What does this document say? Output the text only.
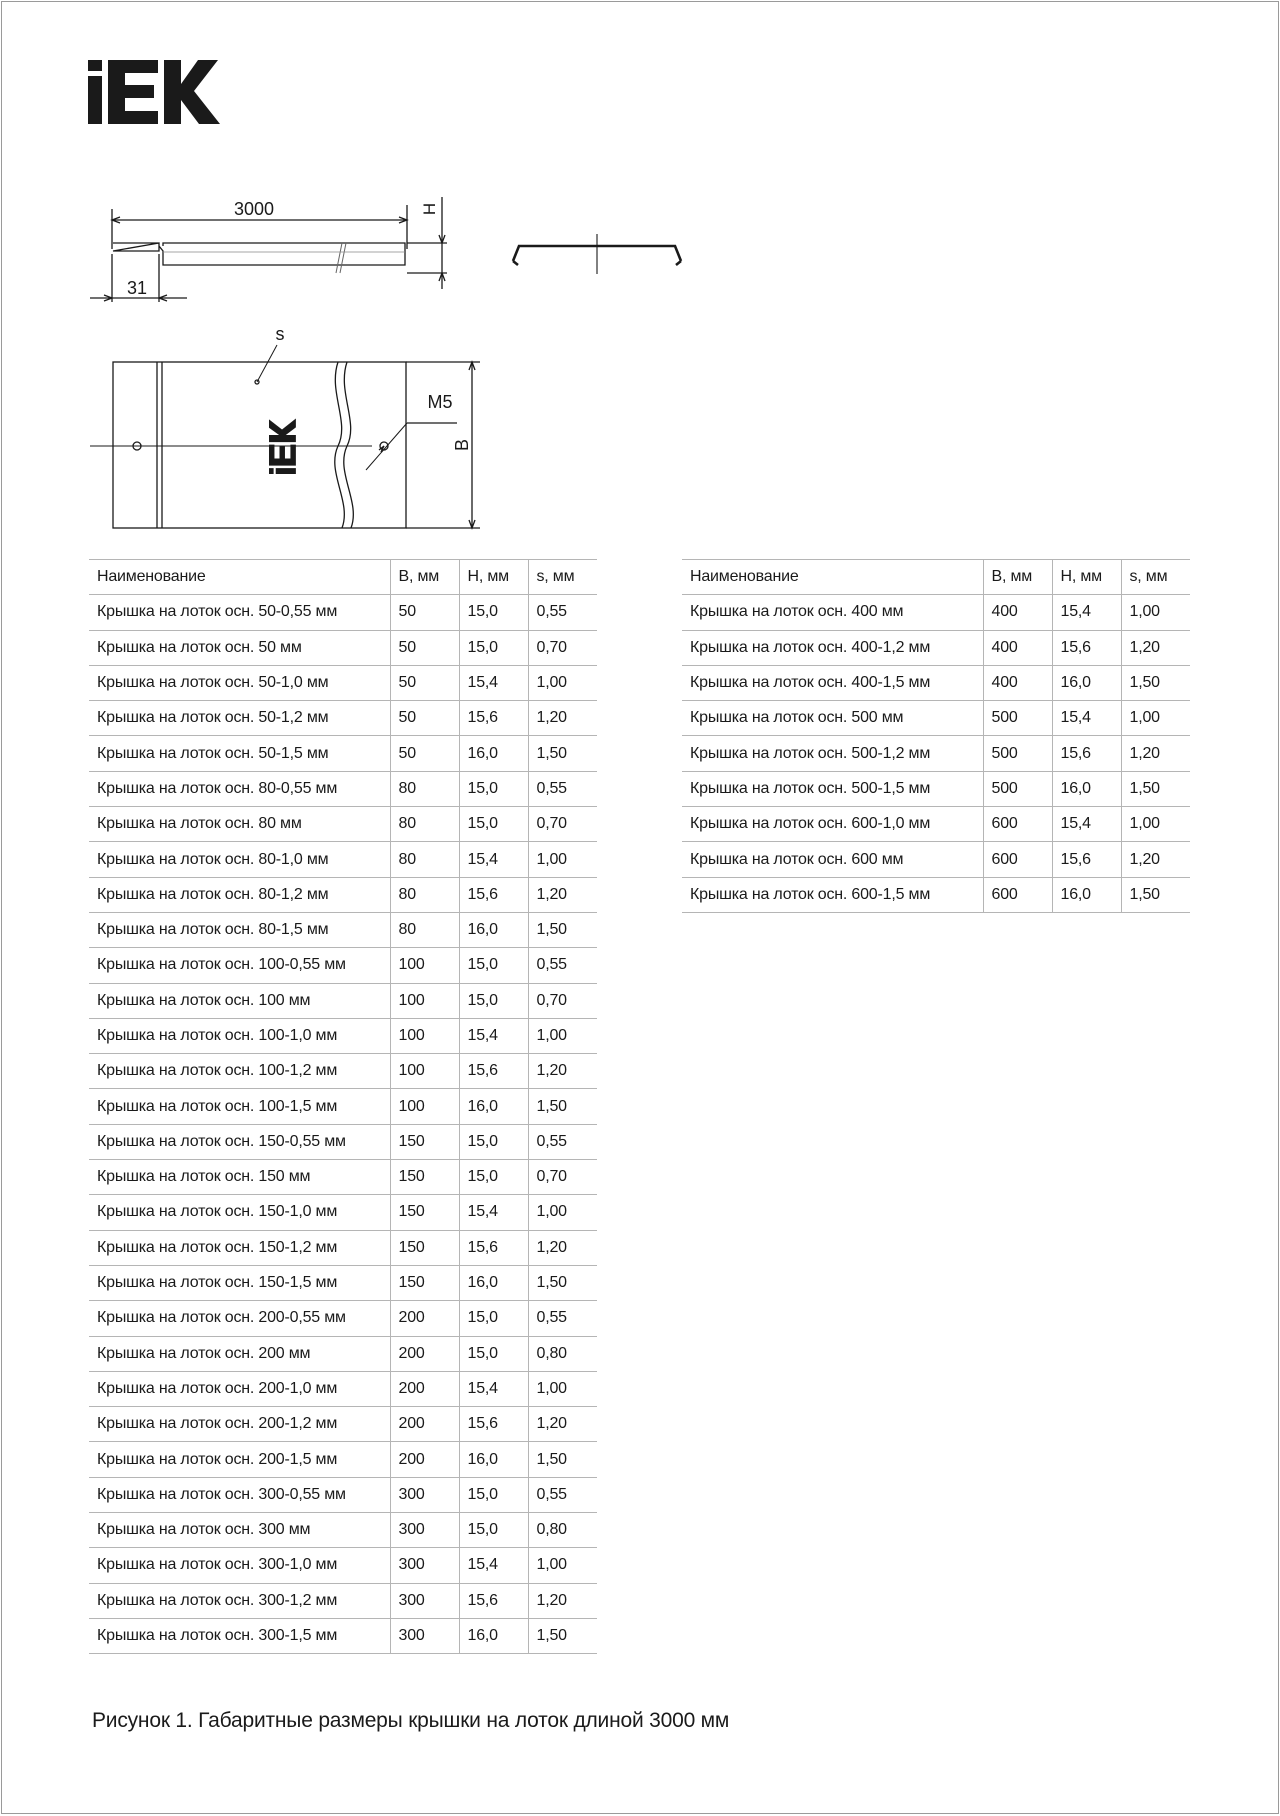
3000
31
H
s
M5
B
Наименование	В, мм	Н, мм	s, мм
Крышка на лоток осн. 50-0,55 мм	50	15,0	0,55
Крышка на лоток осн. 50 мм	50	15,0	0,70
Крышка на лоток осн. 50-1,0 мм	50	15,4	1,00
Крышка на лоток осн. 50-1,2 мм	50	15,6	1,20
Крышка на лоток осн. 50-1,5 мм	50	16,0	1,50
Крышка на лоток осн. 80-0,55 мм	80	15,0	0,55
Крышка на лоток осн. 80 мм	80	15,0	0,70
Крышка на лоток осн. 80-1,0 мм	80	15,4	1,00
Крышка на лоток осн. 80-1,2 мм	80	15,6	1,20
Крышка на лоток осн. 80-1,5 мм	80	16,0	1,50
Крышка на лоток осн. 100-0,55 мм	100	15,0	0,55
Крышка на лоток осн. 100 мм	100	15,0	0,70
Крышка на лоток осн. 100-1,0 мм	100	15,4	1,00
Крышка на лоток осн. 100-1,2 мм	100	15,6	1,20
Крышка на лоток осн. 100-1,5 мм	100	16,0	1,50
Крышка на лоток осн. 150-0,55 мм	150	15,0	0,55
Крышка на лоток осн. 150 мм	150	15,0	0,70
Крышка на лоток осн. 150-1,0 мм	150	15,4	1,00
Крышка на лоток осн. 150-1,2 мм	150	15,6	1,20
Крышка на лоток осн. 150-1,5 мм	150	16,0	1,50
Крышка на лоток осн. 200-0,55 мм	200	15,0	0,55
Крышка на лоток осн. 200 мм	200	15,0	0,80
Крышка на лоток осн. 200-1,0 мм	200	15,4	1,00
Крышка на лоток осн. 200-1,2 мм	200	15,6	1,20
Крышка на лоток осн. 200-1,5 мм	200	16,0	1,50
Крышка на лоток осн. 300-0,55 мм	300	15,0	0,55
Крышка на лоток осн. 300 мм	300	15,0	0,80
Крышка на лоток осн. 300-1,0 мм	300	15,4	1,00
Крышка на лоток осн. 300-1,2 мм	300	15,6	1,20
Крышка на лоток осн. 300-1,5 мм	300	16,0	1,50
Наименование	В, мм	Н, мм	s, мм
Крышка на лоток осн. 400 мм	400	15,4	1,00
Крышка на лоток осн. 400-1,2 мм	400	15,6	1,20
Крышка на лоток осн. 400-1,5 мм	400	16,0	1,50
Крышка на лоток осн. 500 мм	500	15,4	1,00
Крышка на лоток осн. 500-1,2 мм	500	15,6	1,20
Крышка на лоток осн. 500-1,5 мм	500	16,0	1,50
Крышка на лоток осн. 600-1,0 мм	600	15,4	1,00
Крышка на лоток осн. 600 мм	600	15,6	1,20
Крышка на лоток осн. 600-1,5 мм	600	16,0	1,50
Рисунок 1. Габаритные размеры крышки на лоток длиной 3000 мм
